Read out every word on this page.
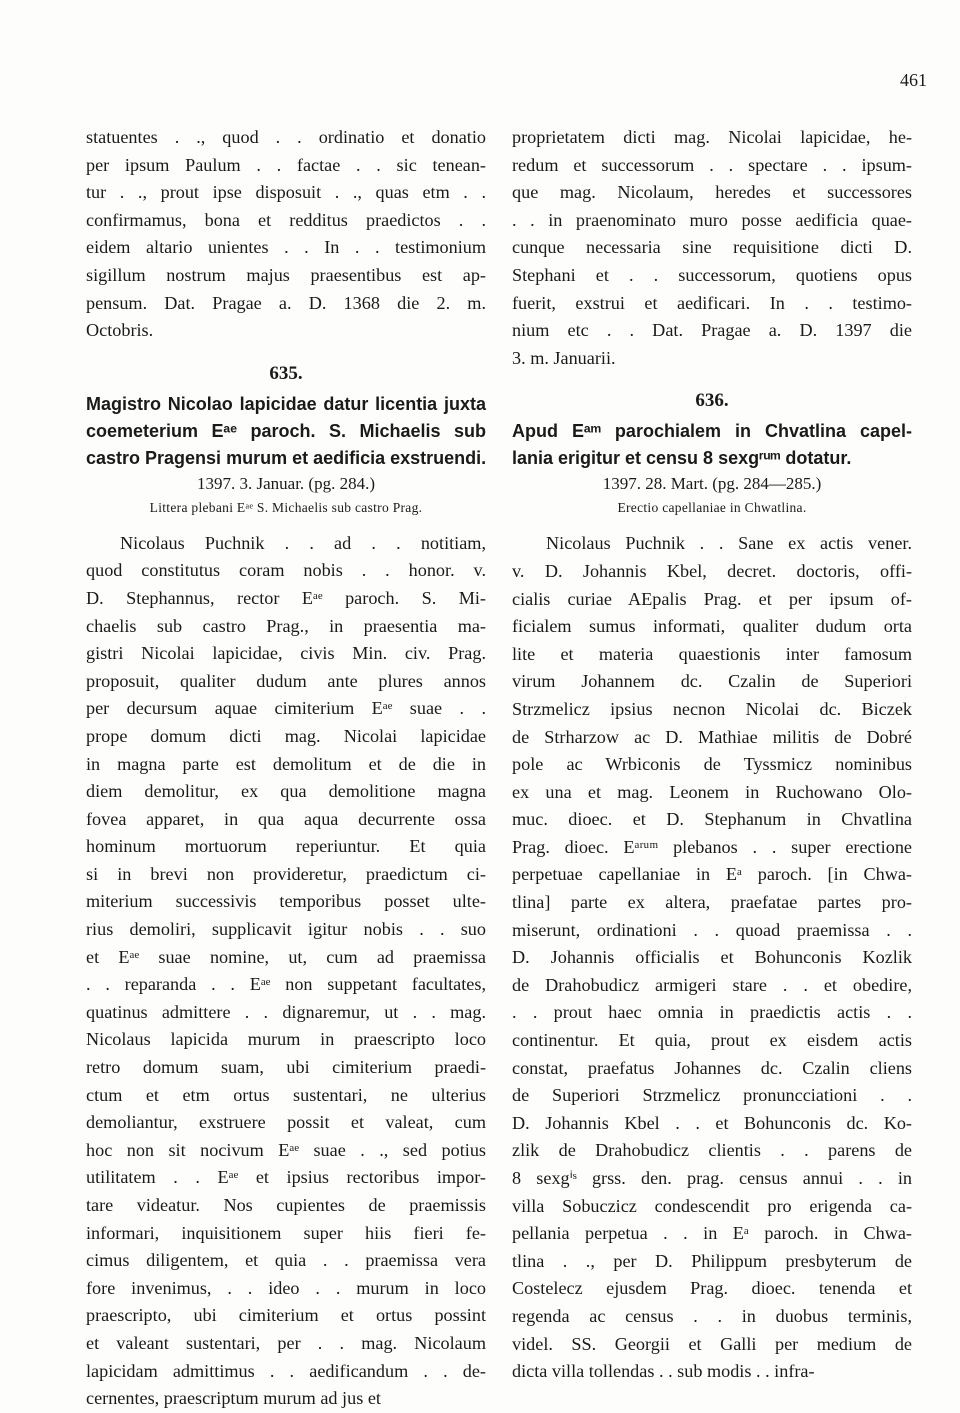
461
statuentes . ., quod . . ordinatio et donatio
per ipsum Paulum . . factae . . sic tenean-
tur . ., prout ipse disposuit . ., quas etm . .
confirmamus, bona et redditus praedictos . .
eidem altario unientes . . In . . testimonium
sigillum nostrum majus praesentibus est ap-
pensum. Dat. Pragae a. D. 1368 die 2. m.
Octobris.
635.
Magistro Nicolao lapicidae datur licentia juxta
coemeterium Eᵃᵉ paroch. S. Michaelis sub
castro Pragensi murum et aedificia exstruendi.
1397. 3. Januar. (pg. 284.)
Littera plebani Eᵃᵉ S. Michaelis sub castro Prag.
Nicolaus Puchnik . . ad . . notitiam,
quod constitutus coram nobis . . honor. v.
D. Stephannus, rector Eᵃᵉ paroch. S. Mi-
chaelis sub castro Prag., in praesentia ma-
gistri Nicolai lapicidae, civis Min. civ. Prag.
proposuit, qualiter dudum ante plures annos
per decursum aquae cimiterium Eᵃᵉ suae . .
prope domum dicti mag. Nicolai lapicidae
in magna parte est demolitum et de die in
diem demolitur, ex qua demolitione magna
fovea apparet, in qua aqua decurrente ossa
hominum mortuorum reperiuntur. Et quia
si in brevi non provideretur, praedictum ci-
miterium successivis temporibus posset ulte-
rius demoliri, supplicavit igitur nobis . . suo
et Eᵃᵉ suae nomine, ut, cum ad praemissa
. . reparanda . . Eᵃᵉ non suppetant facultates,
quatinus admittere . . dignaremur, ut . . mag.
Nicolaus lapicida murum in praescripto loco
retro domum suam, ubi cimiterium praedi-
ctum et etm ortus sustentari, ne ulterius
demoliantur, exstruere possit et valeat, cum
hoc non sit nocivum Eᵃᵉ suae . ., sed potius
utilitatem . . Eᵃᵉ et ipsius rectoribus impor-
tare videatur. Nos cupientes de praemissis
informari, inquisitionem super hiis fieri fe-
cimus diligentem, et quia . . praemissa vera
fore invenimus, . . ideo . . murum in loco
praescripto, ubi cimiterium et ortus possint
et valeant sustentari, per . . mag. Nicolaum
lapicidam admittimus . . aedificandum . . de-
cernentes, praescriptum murum ad jus et
proprietatem dicti mag. Nicolai lapicidae, he-
redum et successorum . . spectare . . ipsum-
que mag. Nicolaum, heredes et successores
. . in praenominato muro posse aedificia quae-
cunque necessaria sine requisitione dicti D.
Stephani et . . successorum, quotiens opus
fuerit, exstrui et aedificari. In . . testimo-
nium etc . . Dat. Pragae a. D. 1397 die
3. m. Januarii.
636.
Apud Eᵃᵐ parochialem in Chvatlina capel-
lania erigitur et censu 8 sexgʳᵘᵐ dotatur.
1397. 28. Mart. (pg. 284—285.)
Erectio capellaniae in Chwatlina.
Nicolaus Puchnik . . Sane ex actis vener.
v. D. Johannis Kbel, decret. doctoris, offi-
cialis curiae AEpalis Prag. et per ipsum of-
ficialem sumus informati, qualiter dudum orta
lite et materia quaestionis inter famosum
virum Johannem dc. Czalin de Superiori
Strzmelicz ipsius necnon Nicolai dc. Biczek
de Strharzow ac D. Mathiae militis de Dobré
pole ac Wrbiconis de Tyssmicz nominibus
ex una et mag. Leonem in Ruchowano Olo-
muc. dioec. et D. Stephanum in Chvatlina
Prag. dioec. Eᵃʳᵘᵐ plebanos . . super erectione
perpetuae capellaniae in Eᵃ paroch. [in Chwa-
tlina] parte ex altera, praefatae partes pro-
miserunt, ordinationi . . quoad praemissa . .
D. Johannis officialis et Bohunconis Kozlik
de Drahobudicz armigeri stare . . et obedire,
. . prout haec omnia in praedictis actis . .
continentur. Et quia, prout ex eisdem actis
constat, praefatus Johannes dc. Czalin cliens
de Superiori Strzmelicz pronuncciationi . .
D. Johannis Kbel . . et Bohunconis dc. Ko-
zlik de Drahobudicz clientis . . parens de
8 sexgⁱˢ grss. den. prag. census annui . . in
villa Sobuczicz condescendit pro erigenda ca-
pellania perpetua . . in Eᵃ paroch. in Chwa-
tlina . ., per D. Philippum presbyterum de
Costelecz ejusdem Prag. dioec. tenenda et
regenda ac census . . in duobus terminis,
videl. SS. Georgii et Galli per medium de
dicta villa tollendas . . sub modis . . infra-
